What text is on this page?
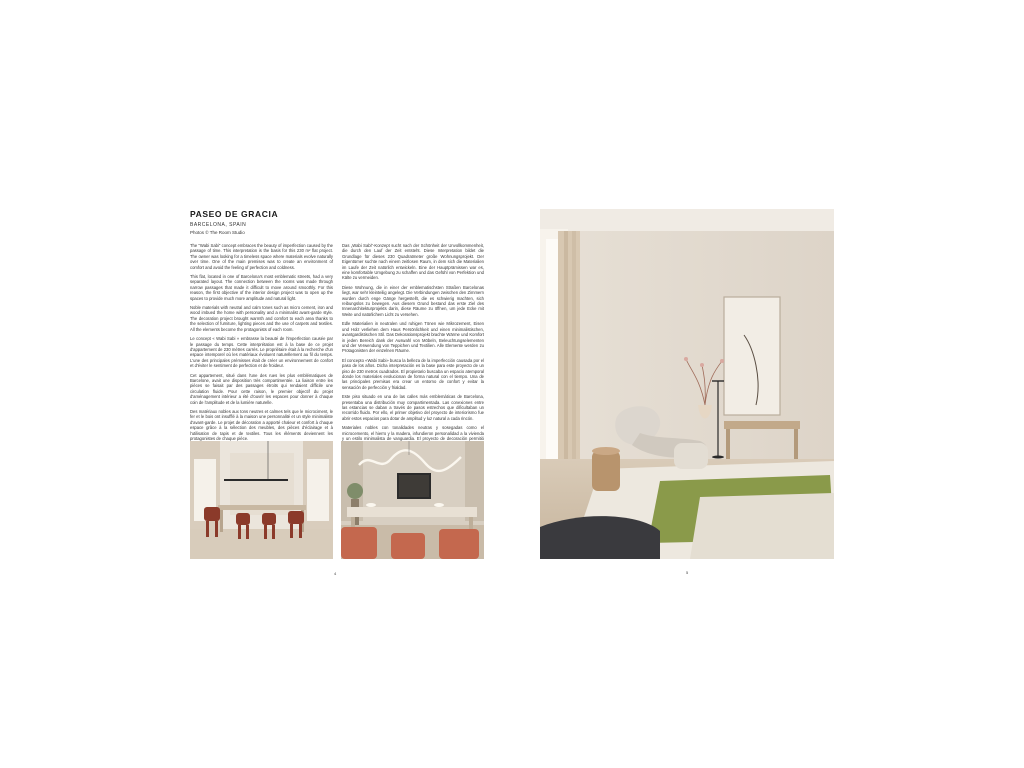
PASEO DE GRACIA
BARCELONA, SPAIN
Photos © The Room Studio

The "Wabi Sabi" concept embraces the beauty of imperfection caused by the passage of time. This interpretation is the basis for this 230 m² flat project. The owner was looking for a timeless space where materials evolve naturally over time. One of the main premises was to create an environment of comfort and avoid the feeling of perfection and coldness.

This flat, located in one of Barcelona's most emblematic streets, had a very separated layout. The connection between the rooms was made through narrow passages that made it difficult to move around smoothly. For this reason, the first objective of the interior design project was to open up the spaces to provide much more amplitude and natural light.

Noble materials with neutral and calm tones such as micro cement, iron and wood imbued the home with personality and a minimalist avant-garde style. The decoration project brought warmth and comfort to each area thanks to the selection of furniture, lighting pieces and the use of carpets and textiles. All the elements become the protagonists of each room.

Le concept « Wabi Sabi » embrasse la beauté de l'imperfection causée par le passage du temps. Cette interprétation est à la base de ce projet d'appartement de 230 mètres carrés. Le propriétaire était à la recherche d'un espace intemporel où les matériaux évoluent naturellement au fil du temps. L'une des principales prémisses était de créer un environnement de confort et d'éviter le sentiment de perfection et de froideur.

Cet appartement, situé dans l'une des rues les plus emblématiques de Barcelone, avait une disposition très compartimentée. La liaison entre les pièces se faisait par des passages étroits qui rendaient difficile une circulation fluide. Pour cette raison, le premier objectif du projet d'aménagement intérieur a été d'ouvrir les espaces pour donner à chaque coin de l'amplitude et de la lumière naturelle.

Des matériaux nobles aux tons neutres et calmes tels que le microciment, le fer et le bois ont insufflé à la maison une personnalité et un style minimaliste d'avant-garde. Le projet de décoration a apporté chaleur et confort à chaque espace grâce à la sélection des meubles, des pièces d'éclairage et à l'utilisation de tapis et de textiles. Tous les éléments deviennent les protagonistes de chaque pièce.

Das „Wabi Sabi"-Konzept sucht nach der Schönheit der Unvollkommenheit, die durch den Lauf der Zeit entsteht. Diese Interpretation bildet die Grundlage für dieses 230 Quadratmeter große Wohnungsprojekt. Der Eigentümer suchte nach einem zeitlosen Raum, in dem sich die Materialien im Laufe der Zeit natürlich entwickeln. Eine der Hauptprämissen war es, eine komfortable Umgebung zu schaffen und das Gefühl von Perfektion und Kälte zu vermeiden.

Diese Wohnung, die in einer der emblematischsten Straßen Barcelonas liegt, war sehr kleinteilig angelegt. Die Verbindungen zwischen den Zimmern wurden durch enge Gänge hergestellt, die es schwierig machten, sich reibungslos zu bewegen. Aus diesem Grund bestand das erste Ziel des Innenarchitekturprojekts darin, diese Räume zu öffnen, um jede Ecke mit Weite und natürlichem Licht zu versehen.

Edle Materialien in neutralen und ruhigen Tönen wie Mikrozement, Eisen und Holz verliehen dem Haus Persönlichkeit und einen minimalistischen, avantgardistischen Stil. Das Dekorationsprojekt brachte Wärme und Komfort in jeden Bereich dank der Auswahl von Möbeln, Beleuchtungselementen und der Verwendung von Teppichen und Textilien. Alle Elemente werden zu Protagonisten der einzelnen Räume.

El concepto «Wabi Sabi» busca la belleza de la imperfección causada por el paso de los años. Dicha interpretación es la base para este proyecto de un piso de 230 metros cuadrados. El propietario buscaba un espacio atemporal donde los materiales evolucionan de forma natural con el tiempo. Una de las principales premisas era crear un entorno de confort y evitar la sensación de perfección y frialdad.

Este piso situado en una de las calles más emblemáticas de Barcelona, presentaba una distribución muy compartimentada. Las conexiones entre las estancias se daban a través de pasos estrechos que dificultaban un recorrido fluido. Por ello, el primer objetivo del proyecto de interiorismo fue abrir estos espacios para dotar de amplitud y luz natural a cada rincón.

Materiales nobles con tonalidades neutras y sosegadas como el microcemento, el hierro y la madera, infundieron personalidad a la vivienda y un estilo minimalista de vanguardia. El proyecto de decoración permitió

4	5
